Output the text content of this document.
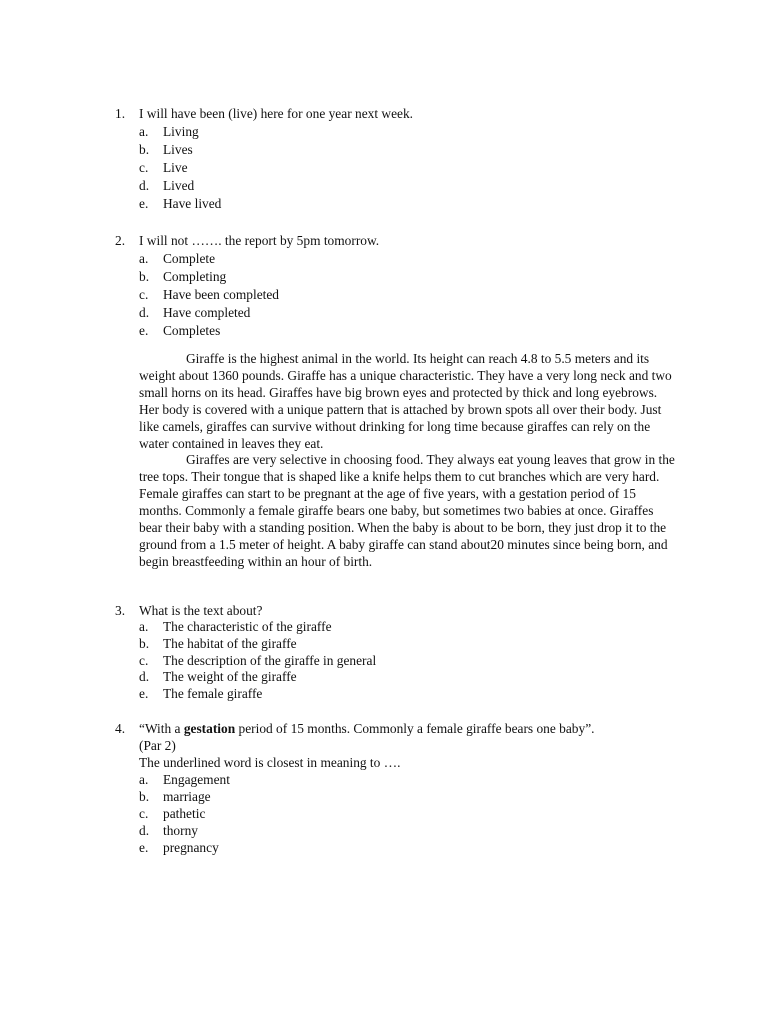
1. I will have been (live) here for one year next week.
a. Living
b. Lives
c. Live
d. Lived
e. Have lived
2. I will not ……. the report by 5pm tomorrow.
a. Complete
b. Completing
c. Have been completed
d. Have completed
e. Completes

Giraffe is the highest animal in the world. Its height can reach 4.8 to 5.5 meters and its weight about 1360 pounds. Giraffe has a unique characteristic. They have a very long neck and two small horns on its head. Giraffes have big brown eyes and protected by thick and long eyebrows. Her body is covered with a unique pattern that is attached by brown spots all over their body. Just like camels, giraffes can survive without drinking for long time because giraffes can rely on the water contained in leaves they eat.

Giraffes are very selective in choosing food. They always eat young leaves that grow in the tree tops. Their tongue that is shaped like a knife helps them to cut branches which are very hard. Female giraffes can start to be pregnant at the age of five years, with a gestation period of 15 months. Commonly a female giraffe bears one baby, but sometimes two babies at once. Giraffes bear their baby with a standing position. When the baby is about to be born, they just drop it to the ground from a 1.5 meter of height. A baby giraffe can stand about20 minutes since being born, and begin breastfeeding within an hour of birth.

3. What is the text about?
a. The characteristic of the giraffe
b. The habitat of the giraffe
c. The description of the giraffe in general
d. The weight of the giraffe
e. The female giraffe
4. “With a gestation period of 15 months. Commonly a female giraffe bears one baby”.
(Par 2)
The underlined word is closest in meaning to ….
a. Engagement
b. marriage
c. pathetic
d. thorny
e. pregnancy
